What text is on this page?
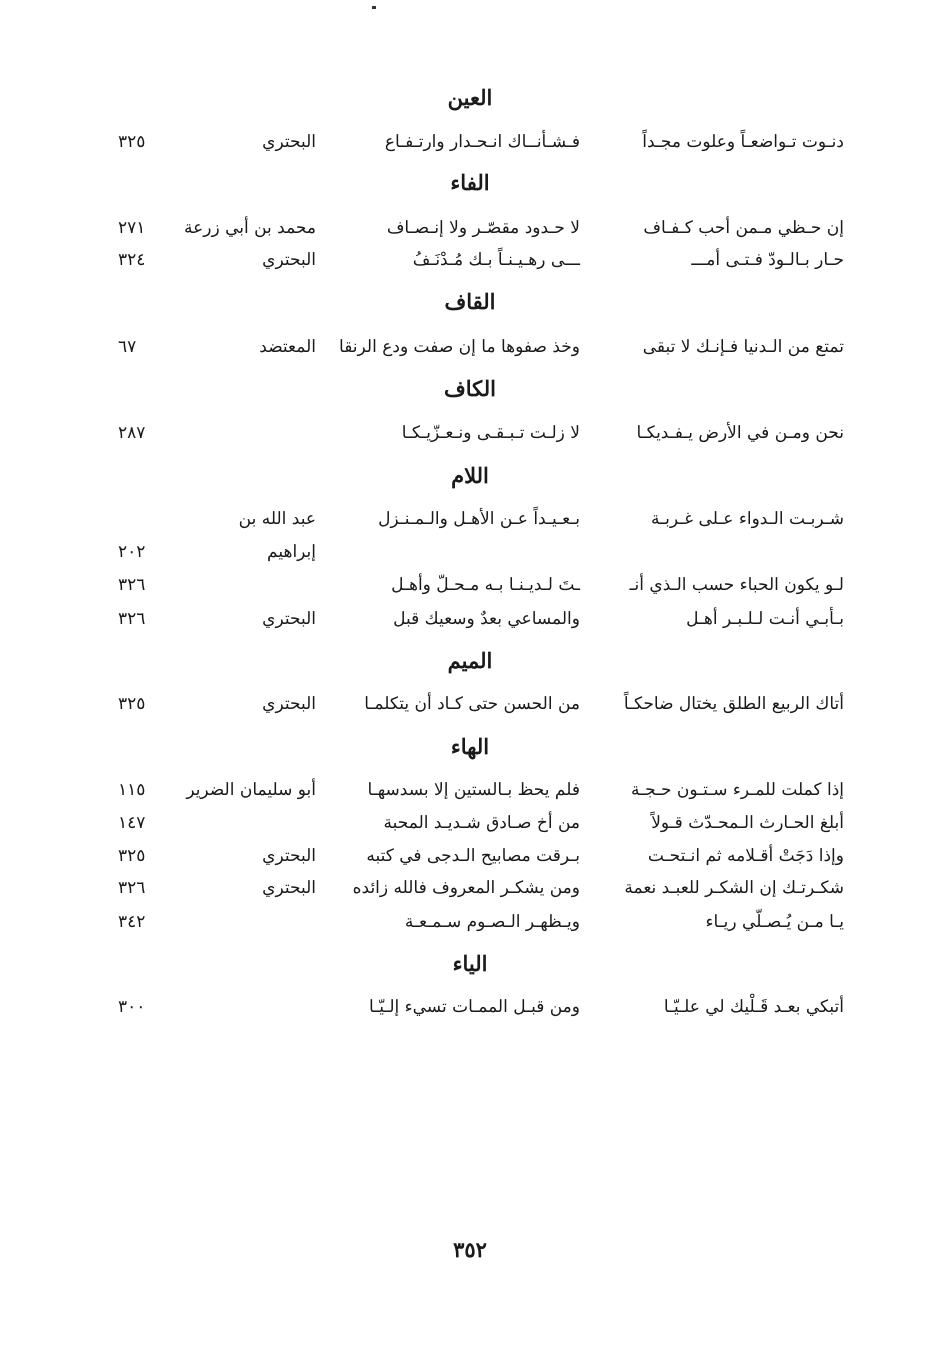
العين
دنـوت تـواضعـاً وعلوت مجـداً
فـشـأنــاك انـحـدار وارتـفـاع
البحتري
٣٢٥
الفاء
إن حـظي مـمن أحب كـفـاف
لا حـدود مقصّـر ولا إنـصـاف
محمد بن أبي زرعة
٢٧١
حـار بـالـودّ فـتـى أمـــ
ـــى رهـيـنـاً بـك مُـدْنَـفُ
البحتري
٣٢٤
القاف
تمتع من الـدنيا فـإنـك لا تبقى
وخذ صفوها ما إن صفت ودع الرنقا
المعتضد
٦٧
الكاف
نحن ومـن في الأرض يـفـديكـا
لا زلـت تـبـقـى ونـعـزّيـكـا
٢٨٧
اللام
شـربـت الـدواء عـلى غـربـة
بـعـيـداً عـن الأهـل والـمـنـزل
عبد الله بن
إبراهيم
٢٠٢
لـو يكون الحباء حسب الـذي أنـ
ـتَ لـديـنـا بـه مـحـلّ وأهـل
٣٢٦
بـأبـي أنـت لـلـبـر أهـل
والمساعي بعدٌ وسعيك قبل
البحتري
٣٢٦
الميم
أتاك الربيع الطلق يختال ضاحكـاً
من الحسن حتى كـاد أن يتكلمـا
البحتري
٣٢٥
الهاء
إذا كملت للمـرء سـتـون حـجـة
فلم يحظ بـالستين إلا بسدسهـا
أبو سليمان الضرير
١١٥
أبلغ الحـارث الـمحـدّث قـولاً
من أخ صـادق شـديـد المحبة
١٤٧
وإذا دَجَتْ أقـلامه ثم انـتحـت
بـرقت مصابيح الـدجى في كتبه
البحتري
٣٢٥
شكـرتـك إن الشكـر للعبـد نعمة
ومن يشكـر المعروف فالله زائده
البحتري
٣٢٦
يـا مـن يُـصـلّي ريـاء
ويـظهـر الـصـوم سـمـعـة
٣٤٢
الياء
أتبكي بعـد قَـلْيك لي علـيّـا
ومن قبـل الممـات تسيء إلـيّـا
٣٠٠
٣٥٢
